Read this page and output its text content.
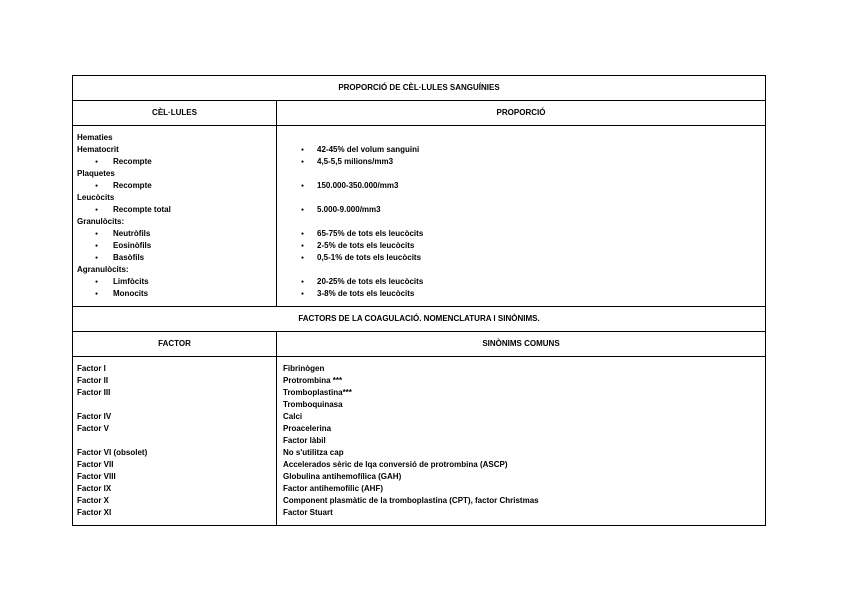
PROPORCIÓ DE CÈL·LULES SANGUÍNIES
CÈL·LULES	PROPORCIÓ
Hematies
Hematocrit
● Recompte
Plaquetes
● Recompte
Leucòcits
● Recompte total
Granulòcits:
● Neutròfils
● Eosinòfils
● Basòfils
Agranulòcits:
● Limfòcits
● Monocits
● 42-45% del volum sanguini
● 4,5-5,5 milions/mm3
● 150.000-350.000/mm3
● 5.000-9.000/mm3
● 65-75% de tots els leucòcits
● 2-5% de tots els leucòcits
● 0,5-1% de tots els leucòcits
● 20-25% de tots els leucòcits
● 3-8% de tots els leucòcits
FACTORS DE LA COAGULACIÓ. NOMENCLATURA I SINÒNIMS.
FACTOR	SINÒNIMS COMUNS
Factor I
Factor II
Factor III
Factor IV
Factor V
Factor VI (obsolet)
Factor VII
Factor VIII
Factor IX
Factor X
Factor XI
Fibrinògen
Protrombina ***
Tromboplastina***
Tromboquinasa
Calci
Proacelerina
Factor làbil
No s'utilitza cap
Accelerados sèric de lqa conversió de protrombina (ASCP)
Globulina antihemofílica (GAH)
Factor antihemofílic (AHF)
Component plasmàtic de la tromboplastina (CPT), factor Christmas
Factor Stuart
